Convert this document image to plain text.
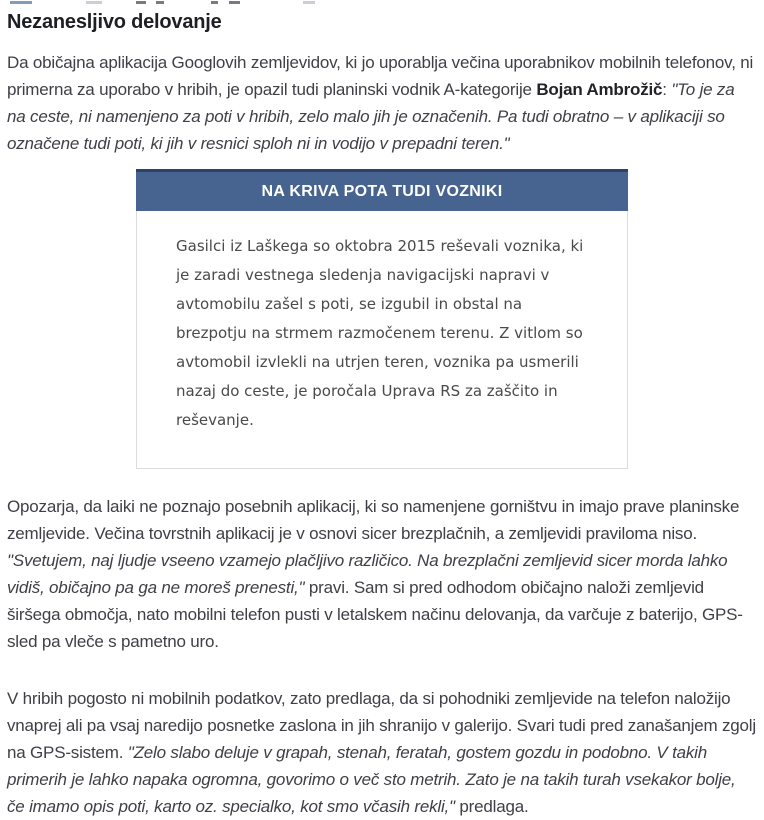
Nezanesljivo delovanje

Da običajna aplikacija Googlovih zemljevidov, ki jo uporablja večina uporabnikov mobilnih telefonov, ni primerna za uporabo v hribih, je opazil tudi planinski vodnik A-kategorije Bojan Ambrožič: "To je za na ceste, ni namenjeno za poti v hribih, zelo malo jih je označenih. Pa tudi obratno – v aplikaciji so označene tudi poti, ki jih v resnici sploh ni in vodijo v prepadni teren."

NA KRIVA POTA TUDI VOZNIKI
Gasilci iz Laškega so oktobra 2015 reševali voznika, ki je zaradi vestnega sledenja navigacijski napravi v avtomobilu zašel s poti, se izgubil in obstal na brezpotju na strmem razmočenem terenu. Z vitlom so avtomobil izvlekli na utrjen teren, voznika pa usmerili nazaj do ceste, je poročala Uprava RS za zaščito in reševanje.

Opozarja, da laiki ne poznajo posebnih aplikacij, ki so namenjene gorništvu in imajo prave planinske zemljevide. Večina tovrstnih aplikacij je v osnovi sicer brezplačnih, a zemljevidi praviloma niso. "Svetujem, naj ljudje vseeno vzamejo plačljivo različico. Na brezplačni zemljevid sicer morda lahko vidiš, običajno pa ga ne moreš prenesti," pravi. Sam si pred odhodom običajno naloži zemljevid širšega območja, nato mobilni telefon pusti v letalskem načinu delovanja, da varčuje z baterijo, GPS-sled pa vleče s pametno uro.

V hribih pogosto ni mobilnih podatkov, zato predlaga, da si pohodniki zemljevide na telefon naložijo vnaprej ali pa vsaj naredijo posnetke zaslona in jih shranijo v galerijo. Svari tudi pred zanašanjem zgolj na GPS-sistem. "Zelo slabo deluje v grapah, stenah, feratah, gostem gozdu in podobno. V takih primerih je lahko napaka ogromna, govorimo o več sto metrih. Zato je na takih turah vsekakor bolje, če imamo opis poti, karto oz. specialko, kot smo včasih rekli," predlaga.
